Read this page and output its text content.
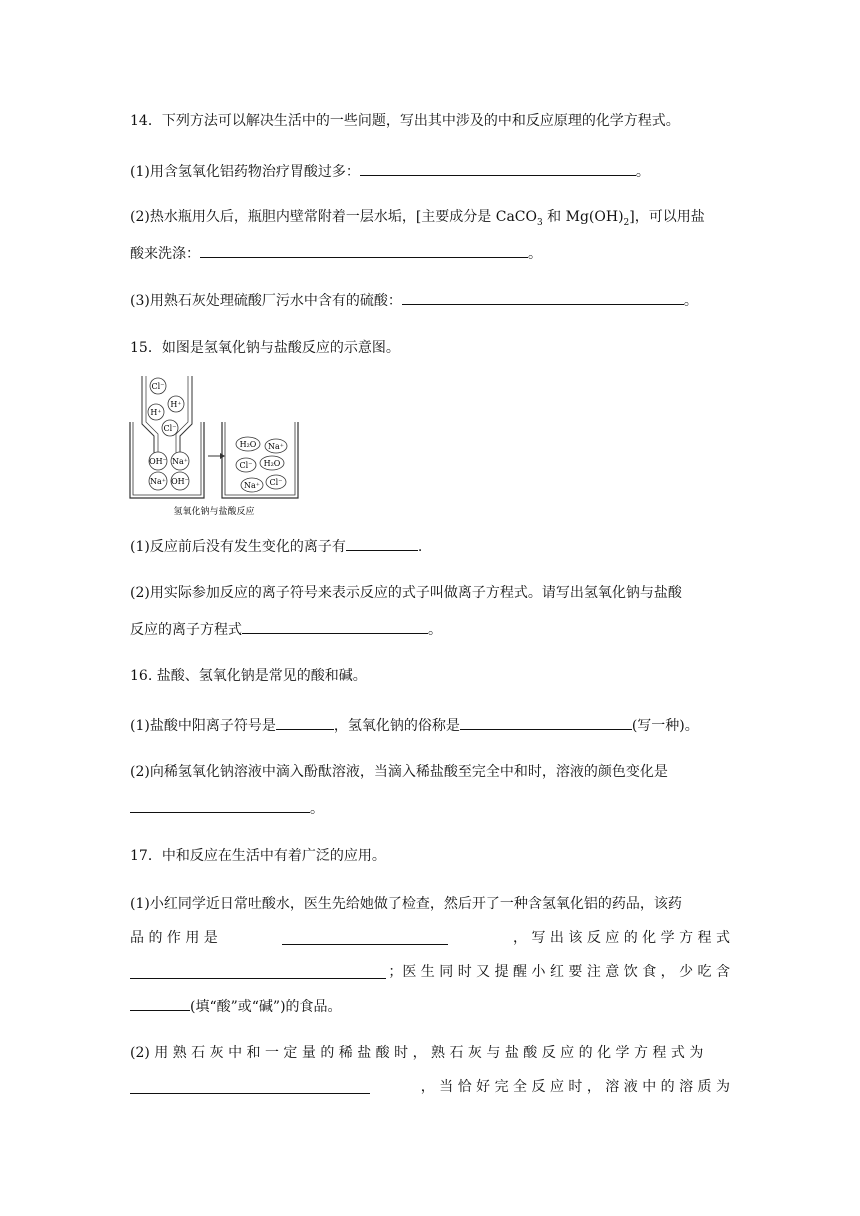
14．下列方法可以解决生活中的一些问题，写出其中涉及的中和反应原理的化学方程式。
(1)用含氢氧化铝药物治疗胃酸过多：	。
(2)热水瓶用久后，瓶胆内壁常附着一层水垢，[主要成分是 CaCO$_3$ 和 $Mg(OH)_2$]，可以用盐
酸来洗涤：	。
(3)用熟石灰处理硫酸厂污水中含有的硫酸：	。
15．如图是氢氧化钠与盐酸反应的示意图。
Cl⁻
H⁺
H⁺
Cl⁻
OH⁻ Na⁺
Na⁺ OH⁻
H₂O Na⁺
Cl⁻ H₂O
Na⁺ Cl⁻
氢氧化钠与盐酸反应
(1)反应前后没有发生变化的离子有	.
(2)用实际参加反应的离子符号来表示反应的式子叫做离子方程式。请写出氢氧化钠与盐酸
反应的离子方程式	。
16. 盐酸、氢氧化钠是常见的酸和碱。
(1)盐酸中阳离子符号是	，氢氧化钠的俗称是	(写一种)。
(2)向稀氢氧化钠溶液中滴入酚酞溶液，当滴入稀盐酸至完全中和时，溶液的颜色变化是
。
17．中和反应在生活中有着广泛的应用。
(1)小红同学近日常吐酸水，医生先给她做了检查，然后开了一种含氢氧化铝的药品，该药
品 的 作 用 是	， 写 出 该 反 应 的 化 学 方 程 式
；医 生 同 时 又 提 醒 小 红 要 注 意 饮 食 ， 少 吃 含
(填“酸”或“碱”)的食品。
(2) 用 熟 石 灰 中 和 一 定 量 的 稀 盐 酸 时 ， 熟 石 灰 与 盐 酸 反 应 的 化 学 方 程 式 为
， 当 恰 好 完 全 反 应 时 ， 溶 液 中 的 溶 质 为
